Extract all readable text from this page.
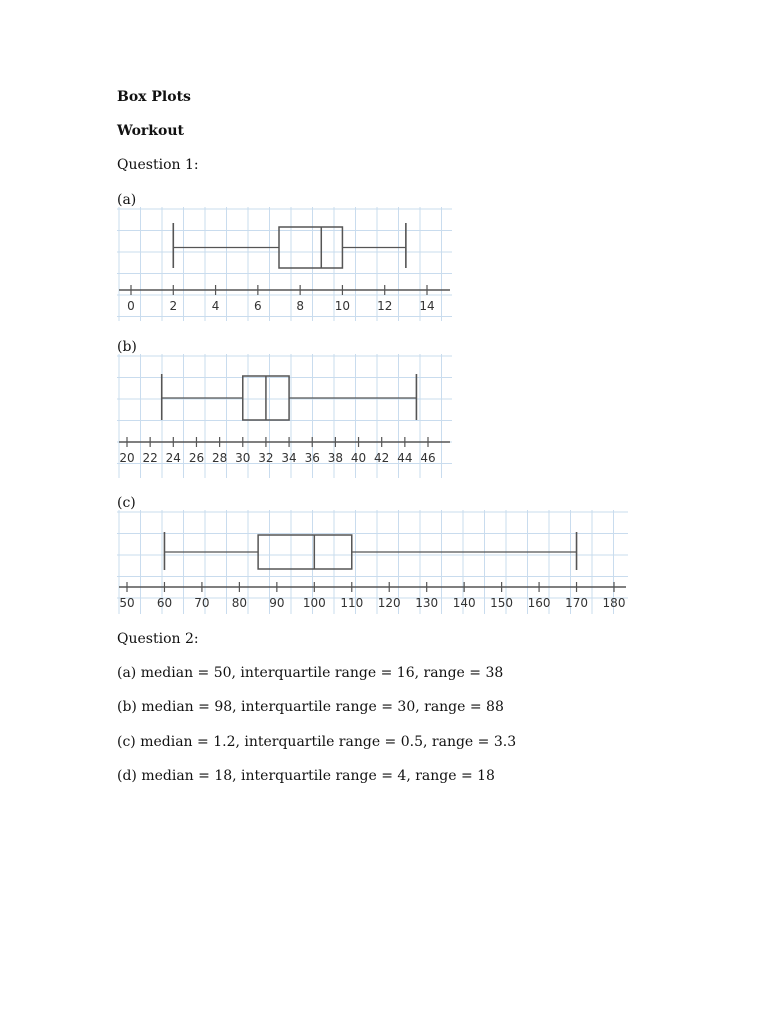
Box Plots
Workout
Question 1:
(a)
0	2	4	6	8	10 12 14
(b)
20 22 24 26 28 30 32 34 36 38 40 42 44 46
(c)
50 60 70 80 90 100 110 120 130 140 150 160 170 180
Question 2:
(a) median = 50, interquartile range = 16, range = 38
(b) median = 98, interquartile range = 30, range = 88
(c) median = 1.2, interquartile range = 0.5, range = 3.3
(d) median = 18, interquartile range = 4, range = 18
